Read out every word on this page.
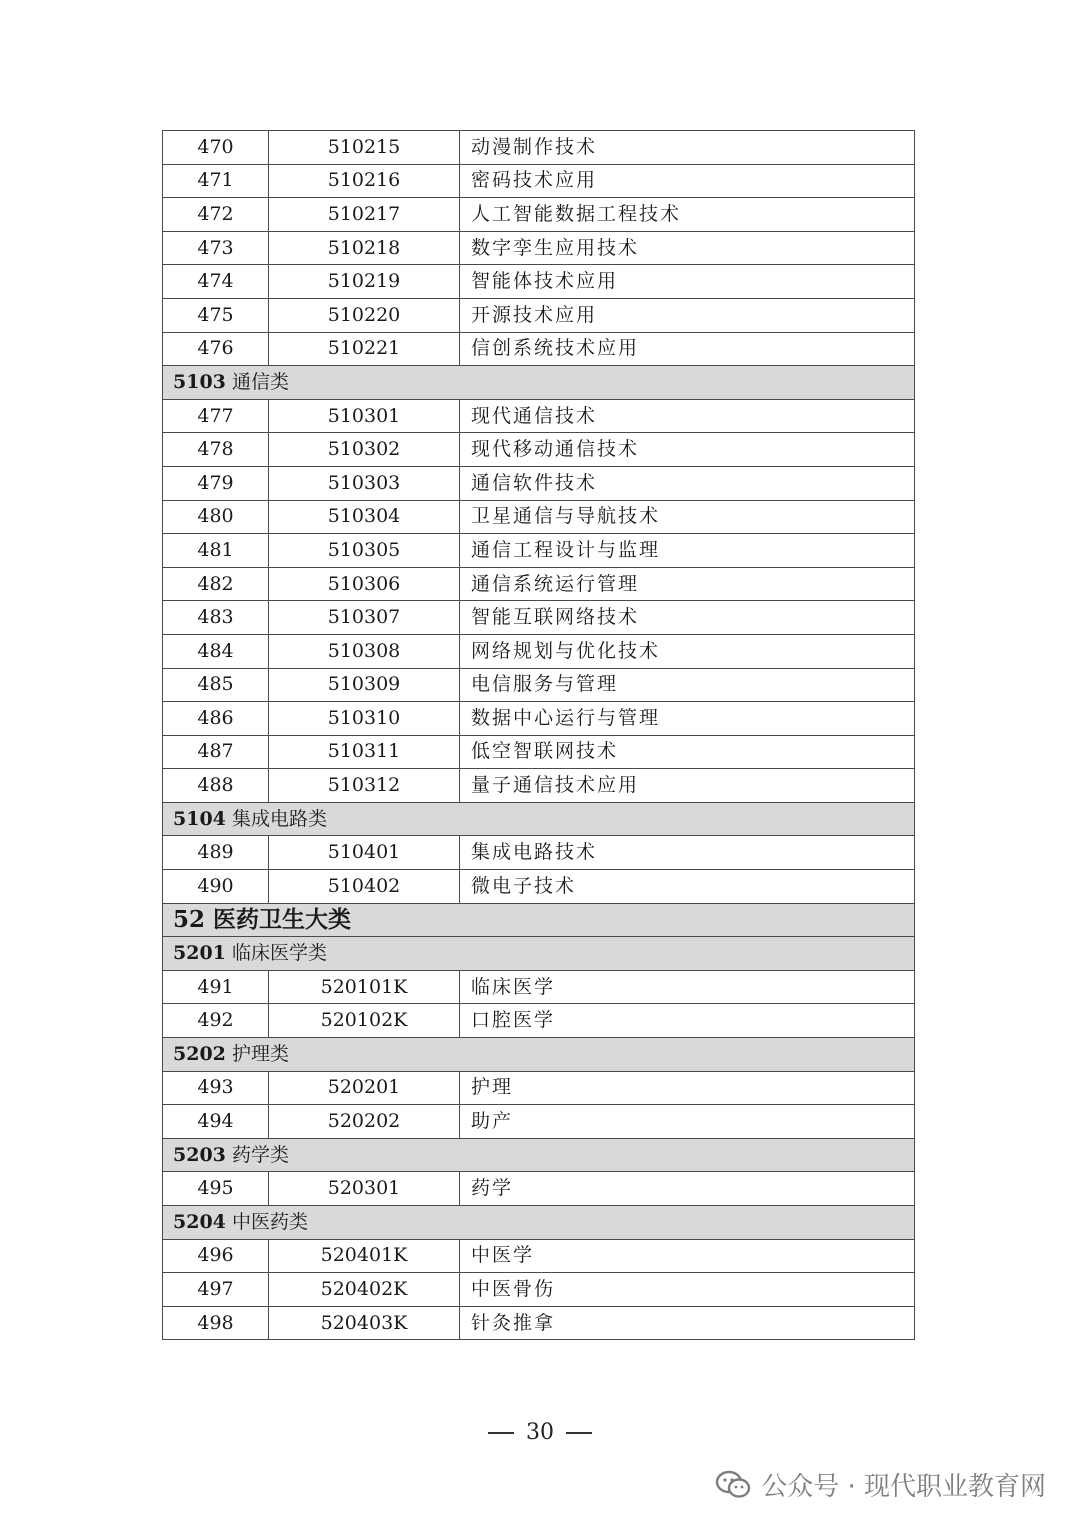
470	510215	动漫制作技术
471	510216	密码技术应用
472	510217	人工智能数据工程技术
473	510218	数字孪生应用技术
474	510219	智能体技术应用
475	510220	开源技术应用
476	510221	信创系统技术应用
5103 通信类		
477	510301	现代通信技术
478	510302	现代移动通信技术
479	510303	通信软件技术
480	510304	卫星通信与导航技术
481	510305	通信工程设计与监理
482	510306	通信系统运行管理
483	510307	智能互联网络技术
484	510308	网络规划与优化技术
485	510309	电信服务与管理
486	510310	数据中心运行与管理
487	510311	低空智联网技术
488	510312	量子通信技术应用
5104 集成电路类		
489	510401	集成电路技术
490	510402	微电子技术
52 医药卫生大类		
5201 临床医学类		
491	520101K	临床医学
492	520102K	口腔医学
5202 护理类		
493	520201	护理
494	520202	助产
5203 药学类		
495	520301	药学
5204 中医药类		
496	520401K	中医学
497	520402K	中医骨伤
498	520403K	针灸推拿
30
公众号 · 现代职业教育网
